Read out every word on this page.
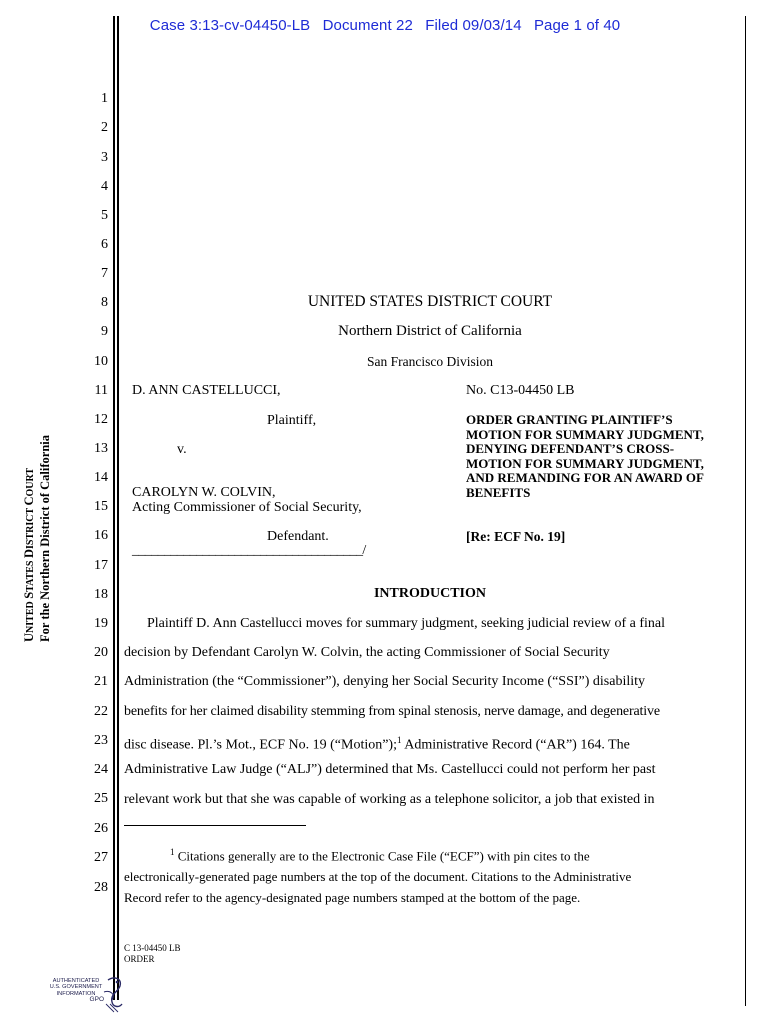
Case 3:13-cv-04450-LB Document 22 Filed 09/03/14 Page 1 of 40
1
2
3
4
5
6
7
8
9
10
11
12
13
14
15
16
17
18
19
20
21
22
23
24
25
26
27
28
UNITED STATES DISTRICT COURT For the Northern District of California
UNITED STATES DISTRICT COURT
Northern District of California
San Francisco Division
D. ANN CASTELLUCCI,
Plaintiff,
v.
CAROLYN W. COLVIN,
Acting Commissioner of Social Security,
Defendant.
____________________________________/
No. C13-04450 LB
ORDER GRANTING PLAINTIFF’S MOTION FOR SUMMARY JUDGMENT, DENYING DEFENDANT’S CROSS-MOTION FOR SUMMARY JUDGMENT, AND REMANDING FOR AN AWARD OF BENEFITS
[Re: ECF No. 19]
INTRODUCTION
Plaintiff D. Ann Castellucci moves for summary judgment, seeking judicial review of a final
decision by Defendant Carolyn W. Colvin, the acting Commissioner of Social Security
Administration (the “Commissioner”), denying her Social Security Income (“SSI”) disability
benefits for her claimed disability stemming from spinal stenosis, nerve damage, and degenerative
disc disease. Pl.’s Mot., ECF No. 19 (“Motion”);$^1$ Administrative Record (“AR”) 164. The
Administrative Law Judge (“ALJ”) determined that Ms. Castellucci could not perform her past
relevant work but that she was capable of working as a telephone solicitor, a job that existed in
$^1$ Citations generally are to the Electronic Case File (“ECF”) with pin cites to the
electronically-generated page numbers at the top of the document. Citations to the Administrative
Record refer to the agency-designated page numbers stamped at the bottom of the page.
C 13-04450 LB
ORDER
AUTHENTICATED
U.S. GOVERNMENT
INFORMATION
GPO
